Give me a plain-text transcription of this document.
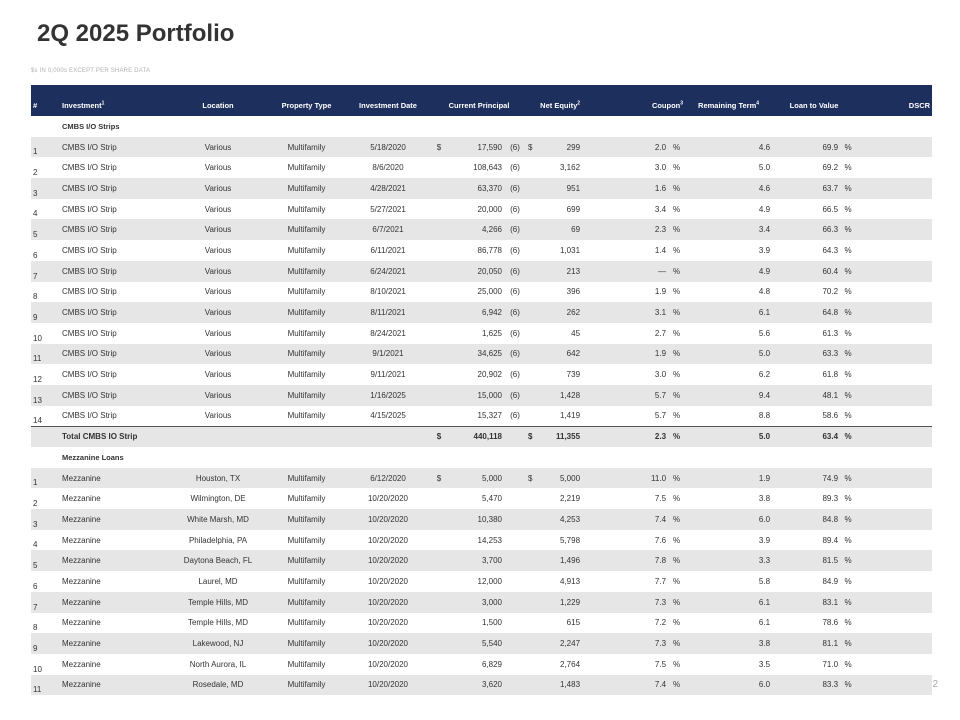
2Q 2025 Portfolio
$s IN 0,000s EXCEPT PER SHARE DATA
#	Investment$^1$	Location	Property Type	Investment Date	Current Principal			Net Equity$^2$		Coupon$^3$		Remaining Term$^4$	Loan to Value		DSCR
	CMBS I/O Strips														
1	CMBS I/O Strip	Various	Multifamily	5/18/2020	$	17,590	(6)	$	299	2.0	%	4.6	69.9	%	
2	CMBS I/O Strip	Various	Multifamily	8/6/2020		108,643	(6)		3,162	3.0	%	5.0	69.2	%	
3	CMBS I/O Strip	Various	Multifamily	4/28/2021		63,370	(6)		951	1.6	%	4.6	63.7	%	
4	CMBS I/O Strip	Various	Multifamily	5/27/2021		20,000	(6)		699	3.4	%	4.9	66.5	%	
5	CMBS I/O Strip	Various	Multifamily	6/7/2021		4,266	(6)		69	2.3	%	3.4	66.3	%	
6	CMBS I/O Strip	Various	Multifamily	6/11/2021		86,778	(6)		1,031	1.4	%	3.9	64.3	%	
7	CMBS I/O Strip	Various	Multifamily	6/24/2021		20,050	(6)		213	—	%	4.9	60.4	%	
8	CMBS I/O Strip	Various	Multifamily	8/10/2021		25,000	(6)		396	1.9	%	4.8	70.2	%	
9	CMBS I/O Strip	Various	Multifamily	8/11/2021		6,942	(6)		262	3.1	%	6.1	64.8	%	
10	CMBS I/O Strip	Various	Multifamily	8/24/2021		1,625	(6)		45	2.7	%	5.6	61.3	%	
11	CMBS I/O Strip	Various	Multifamily	9/1/2021		34,625	(6)		642	1.9	%	5.0	63.3	%	
12	CMBS I/O Strip	Various	Multifamily	9/11/2021		20,902	(6)		739	3.0	%	6.2	61.8	%	
13	CMBS I/O Strip	Various	Multifamily	1/16/2025		15,000	(6)		1,428	5.7	%	9.4	48.1	%	
14	CMBS I/O Strip	Various	Multifamily	4/15/2025		15,327	(6)		1,419	5.7	%	8.8	58.6	%	
	Total CMBS IO Strip				$	440,118		$	11,355	2.3	%	5.0	63.4	%	
	Mezzanine Loans														
1	Mezzanine	Houston, TX	Multifamily	6/12/2020	$	5,000		$	5,000	11.0	%	1.9	74.9	%	
2	Mezzanine	Wilmington, DE	Multifamily	10/20/2020		5,470			2,219	7.5	%	3.8	89.3	%	
3	Mezzanine	White Marsh, MD	Multifamily	10/20/2020		10,380			4,253	7.4	%	6.0	84.8	%	
4	Mezzanine	Philadelphia, PA	Multifamily	10/20/2020		14,253			5,798	7.6	%	3.9	89.4	%	
5	Mezzanine	Daytona Beach, FL	Multifamily	10/20/2020		3,700			1,496	7.8	%	3.3	81.5	%	
6	Mezzanine	Laurel, MD	Multifamily	10/20/2020		12,000			4,913	7.7	%	5.8	84.9	%	
7	Mezzanine	Temple Hills, MD	Multifamily	10/20/2020		3,000			1,229	7.3	%	6.1	83.1	%	
8	Mezzanine	Temple Hills, MD	Multifamily	10/20/2020		1,500			615	7.2	%	6.1	78.6	%	
9	Mezzanine	Lakewood, NJ	Multifamily	10/20/2020		5,540			2,247	7.3	%	3.8	81.1	%	
10	Mezzanine	North Aurora, IL	Multifamily	10/20/2020		6,829			2,764	7.5	%	3.5	71.0	%	
11	Mezzanine	Rosedale, MD	Multifamily	10/20/2020		3,620			1,483	7.4	%	6.0	83.3	%		2
